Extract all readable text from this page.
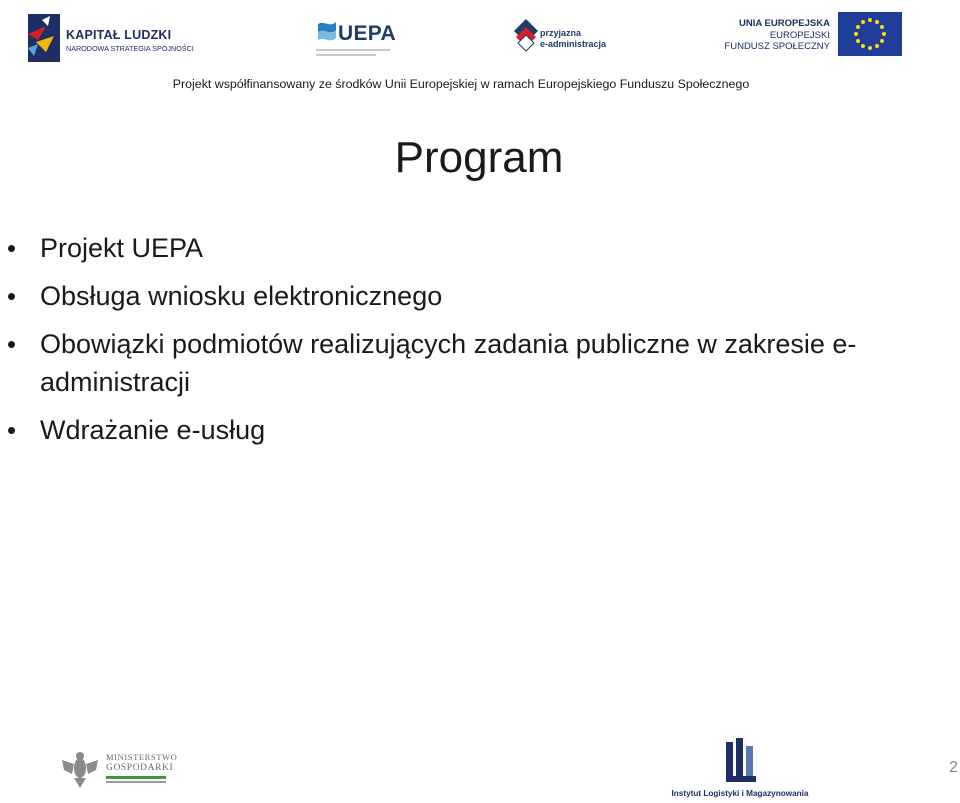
KAPITAŁ LUDZKI
NARODOWA STRATEGIA SPÓJNOŚCI
UEPA	przyjazna
e-administracja
UNIA EUROPEJSKA
EUROPEJSKI
FUNDUSZ SPOŁECZNY
Projekt współfinansowany ze środków Unii Europejskiej w ramach Europejskiego Funduszu Społecznego
Program
Projekt UEPA
Obsługa wniosku elektronicznego
Obowiązki podmiotów realizujących zadania publiczne w zakresie e-administracji
Wdrażanie e-usług
MINISTERSTWO
GOSPODARKI
Instytut Logistyki i Magazynowania
2
